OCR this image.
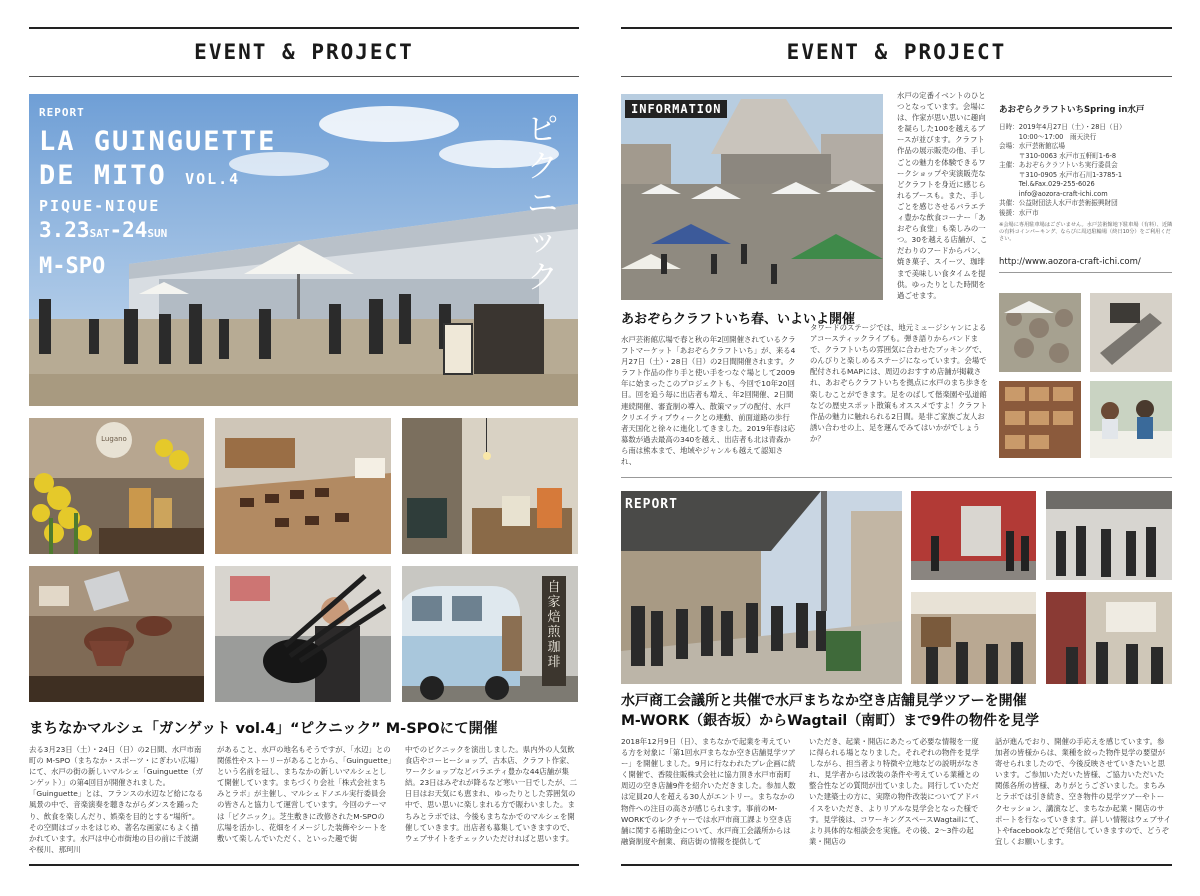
EVENT & PROJECT
REPORT
LA GUINGUETTE
DE MITO VOL.4
PIQUE-NIQUE
3.23SAT-24SUN
M-SPO
ピクニック
Lugano
自家焙煎珈琲
まちなかマルシェ「ガンゲット vol.4」“ピクニック” M-SPOにて開催
去る3月23日（土）・24日（日）の2日間、水戸市南町の M-SPO（まちなか・スポーツ・にぎわい広場）にて、水戸の街の新しいマルシェ「Guinguette（ガンゲット）」の第4回目が開催されました。「Guinguette」とは、フランスの水辺など給になる風景の中で、音楽演奏を聴きながらダンスを踊ったり、飲食を楽しんだり、娯楽を目的とする“場所”。その空間はゴッホをはじめ、著名な画家にもよく描かれています。水戸は中心市街地の目の前に千波湖や桜川、那珂川
があること、水戸の地名もそうですが、「水辺」との関係性やストーリーがあることから、「Guinguette」という名前を冠し、まちなかの新しいマルシェとして開催しています。まちづくり会社「株式会社まちみとラボ」が主催し、マルシェドノエル実行委員会の皆さんと協力して運営しています。今回のテーマは「ピクニック」。芝生敷きに改修されたM-SPOの広場を活かし、花畑をイメージした装飾やシートを敷いて楽しんでいただく、といった趣で街
中でのピクニックを演出しました。県内外の人気飲食店やコーヒーショップ、古本店、クラフト作家、ワークショップなどバラエティ豊かな44店舗が集結。23日はみぞれが降るなど寒い一日でしたが、二日目はお天気にも恵まれ、ゆったりとした雰囲気の中で、思い思いに楽しまれる方で賑わいました。まちみとラボでは、今後もまちなかでのマルシェを開催していきます。出店者も募集していきますので、ウェブサイトをチェックいただければと思います。
EVENT & PROJECT
INFORMATION
あおぞらクラフトいち春、いよいよ開催
水戸芸術館広場で春と秋の年2回開催されているクラフトマーケット「あおぞらクラフトいち」が、来る4月27日（土）・28日（日）の2日間開催されます。クラフト作品の作り手と使い手をつなぐ場として2009年に始まったこのプロジェクトも、今回で10年20回目。回を追う毎に出店者も増え、年2回開催、2日間連続開催、審査制の導入、散策マップの配付、水戸クリエイティブウィークとの連動、前面道路の歩行者天国化と徐々に進化してきました。2019年春は応募数が過去最高の340を越え、出店者も北は青森から南は熊本まで、地域やジャンルも越えて認知され、
水戸の定番イベントのひとつとなっています。会場には、作家が思い思いに趣向を凝らした100を越えるブースが並びます。クラフト作品の展示販売の他、手しごとの魅力を体験できるワークショップや実演販売などクラフトを身近に感じられるブースも。また、手しごとを感じさせるバラエティ豊かな飲食コーナー「あおぞら食堂」も楽しみの一つ。30を越える店舗が、こだわりのフードからパン、焼き菓子、スイーツ、珈琲まで美味しい食タイムを提供。ゆったりとした時間を過ごせます。
タワードのステージでは、地元ミュージシャンによるアコースティックライブも。弾き語りからバンドまで、クラフトいちの雰囲気に合わせたブッキングで、のんびりと楽しめるステージになっています。会場で配付されるMAPには、周辺のおすすめ店舗が掲載され、あおぞらクラフトいちを拠点に水戸のまち歩きを楽しむことができます。足をのばして偕楽園や弘道館などの歴史スポット散策もオススメですよ！クラフト作品の魅力に触れられる2日間。是非ご家族ご友人お誘い合わせの上、足を運んでみてはいかがでしょうか？
あおぞらクラフトいちSpring in水戸
日時：2019年4月27日（土）・28日（日）
　　　10:00〜17:00　雨天決行
会場：水戸芸術館広場
　　　〒310-0063 水戸市五軒町1-6-8
主催：あおぞらクラフトいち実行委員会
　　　〒310-0905 水戸市石川1-3785-1
　　　Tel.&Fax.029-255-6026
　　　info@aozora-craft-ichi.com
共催：公益財団法人水戸市芸術振興財団
後援：水戸市
※会場に専用駐車場はございません。水戸芸術館地下駐車場（有料）、近隣の有料コインパーキング、ならびに周辺駐輪場（終日10分）をご利用ください。
http://www.aozora-craft-ichi.com/
REPORT
水戸商工会議所と共催で水戸まちなか空き店舗見学ツアーを開催
M-WORK（銀杏坂）からWagtail（南町）まで9件の物件を見学
2018年12月9日（日）、まちなかで起業を考えている方を対象に「第1回水戸まちなか空き店舗見学ツアー」を開催しました。9月に行なわれたプレ企画に続く開催で、香陵住販株式会社に協力頂き水戸市南町周辺の空き店舗9件を紹介いただきました。参加人数は定員20人を超える30人がエントリー。まちなかの物件への注目の高さが感じられます。事前のM-WORKでのレクチャーでは水戸市商工課より空き店舗に関する補助金について、水戸商工会議所からは融資制度や創業、商店街の情報を提供して
いただき、起業・開店にあたって必要な情報を一度に得られる場となりました。それぞれの物件を見学しながら、担当者より特徴や立地などの説明がなされ、見学者からは改装の条件や考えている業種との整合性などの質問が出ていました。同行していただいた建築士の方に、実際の物件改装についてアドバイスをいただき、よりリアルな見学会となった様です。見学後は、コワーキングスペースWagtailにて、より具体的な相談会を実施。その後、2〜3件の起業・開店の
話が進んでおり、開催の手応えを感じています。参加者の皆様からは、業種を絞った物件見学の要望が寄せられましたので、今後反映させていきたいと思います。ご参加いただいた皆様、ご協力いただいた関係各所の皆様、ありがとうございました。まちみとラボでは引き続き、空き物件の見学ツアーやトークセッション、講演など、まちなか起業・開店のサポートを行なっていきます。詳しい情報はウェブサイトやfacebookなどで発信していきますので、どうぞ宜しくお願いします。
